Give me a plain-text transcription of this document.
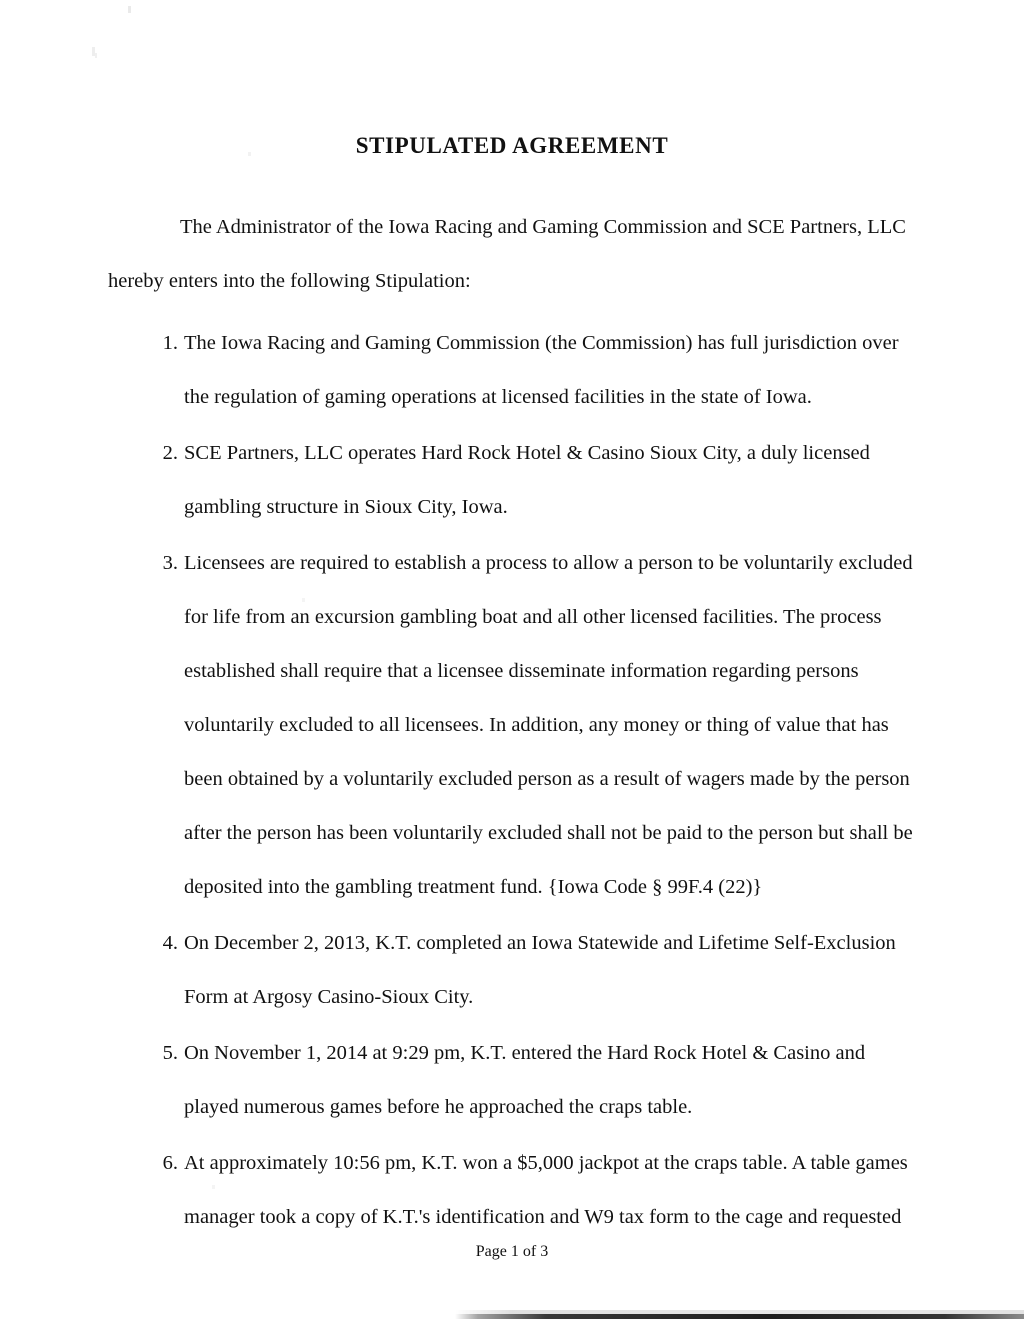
STIPULATED AGREEMENT

The Administrator of the Iowa Racing and Gaming Commission and SCE Partners, LLC hereby enters into the following Stipulation:

1. The Iowa Racing and Gaming Commission (the Commission) has full jurisdiction over the regulation of gaming operations at licensed facilities in the state of Iowa.
2. SCE Partners, LLC operates Hard Rock Hotel & Casino Sioux City, a duly licensed gambling structure in Sioux City, Iowa.
3. Licensees are required to establish a process to allow a person to be voluntarily excluded for life from an excursion gambling boat and all other licensed facilities. The process established shall require that a licensee disseminate information regarding persons voluntarily excluded to all licensees. In addition, any money or thing of value that has been obtained by a voluntarily excluded person as a result of wagers made by the person after the person has been voluntarily excluded shall not be paid to the person but shall be deposited into the gambling treatment fund. {Iowa Code § 99F.4 (22)}
4. On December 2, 2013, K.T. completed an Iowa Statewide and Lifetime Self-Exclusion Form at Argosy Casino-Sioux City.
5. On November 1, 2014 at 9:29 pm, K.T. entered the Hard Rock Hotel & Casino and played numerous games before he approached the craps table.
6. At approximately 10:56 pm, K.T. won a $5,000 jackpot at the craps table. A table games manager took a copy of K.T.'s identification and W9 tax form to the cage and requested
Page 1 of 3
